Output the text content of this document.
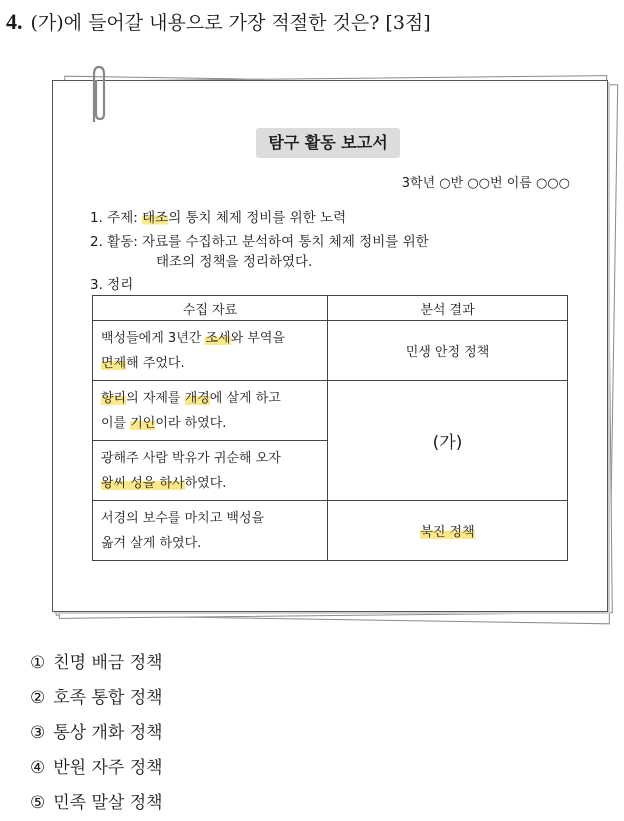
4. (가)에 들어갈 내용으로 가장 적절한 것은? [3점]
탐구 활동 보고서
3학년 ○반 ○○번 이름 ○○○
1. 주제: 태조의 통치 체제 정비를 위한 노력
2. 활동: 자료를 수집하고 분석하여 통치 체제 정비를 위한
태조의 정책을 정리하였다.
3. 정리
수집 자료	분석 결과
백성들에게 3년간 조세와 부역을
면제해 주었다.	민생 안정 정책
향리의 자제를 개경에 살게 하고
이를 기인이라 하였다.	(가)
광해주 사람 박유가 귀순해 오자
왕씨 성을 하사하였다.	
서경의 보수를 마치고 백성을
옮겨 살게 하였다.	북진 정책
① 친명 배금 정책
② 호족 통합 정책
③ 통상 개화 정책
④ 반원 자주 정책
⑤ 민족 말살 정책
